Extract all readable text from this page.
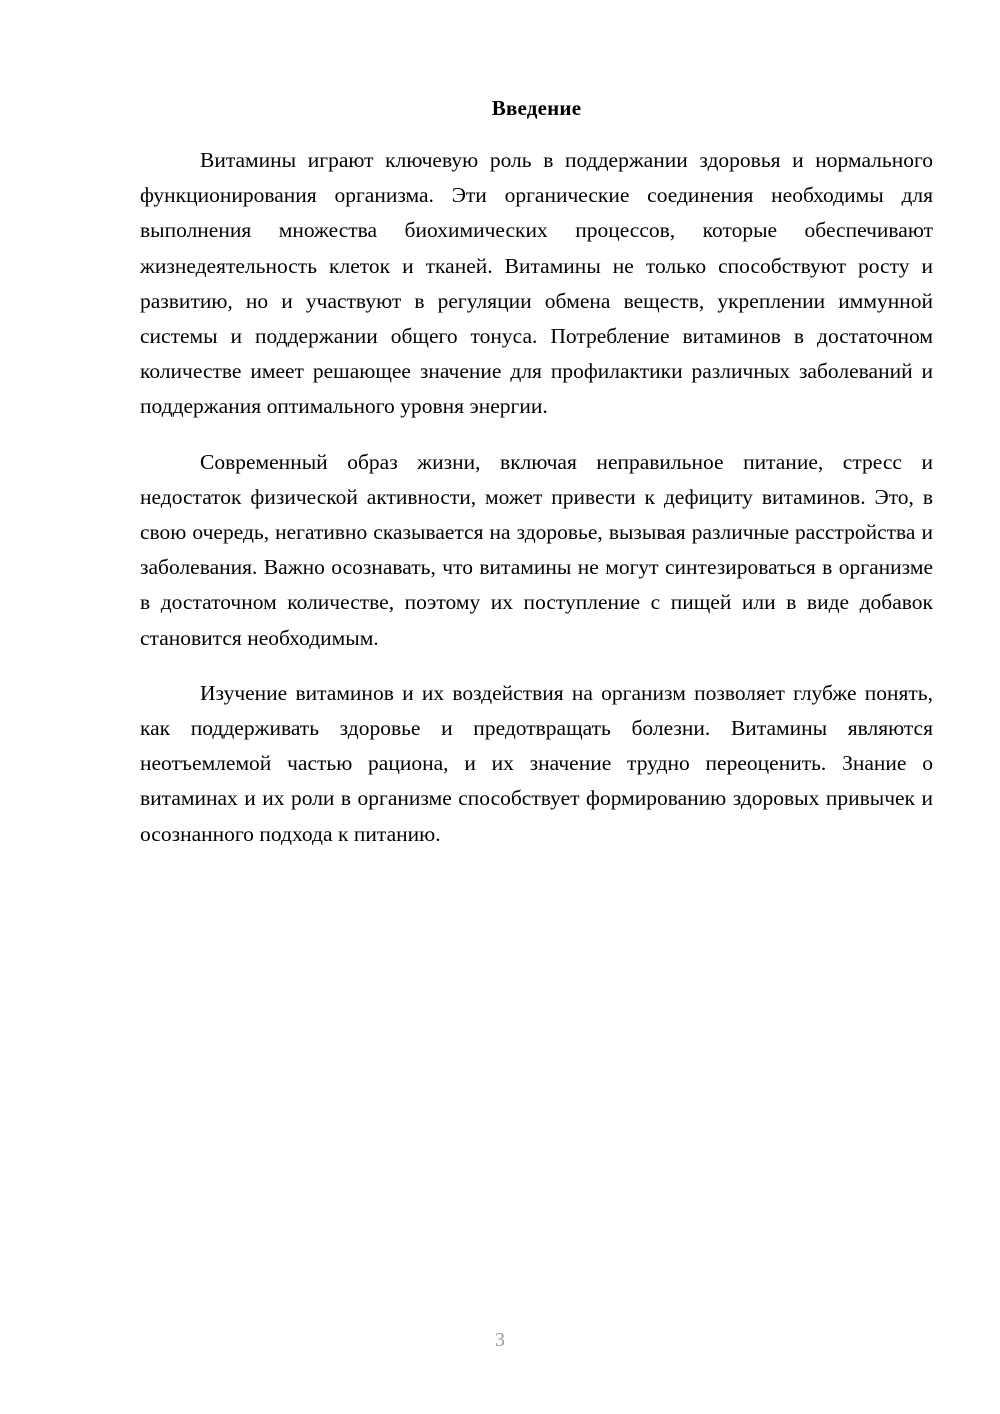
Введение

Витамины играют ключевую роль в поддержании здоровья и нормального функционирования организма. Эти органические соединения необходимы для выполнения множества биохимических процессов, которые обеспечивают жизнедеятельность клеток и тканей. Витамины не только способствуют росту и развитию, но и участвуют в регуляции обмена веществ, укреплении иммунной системы и поддержании общего тонуса. Потребление витаминов в достаточном количестве имеет решающее значение для профилактики различных заболеваний и поддержания оптимального уровня энергии.

Современный образ жизни, включая неправильное питание, стресс и недостаток физической активности, может привести к дефициту витаминов. Это, в свою очередь, негативно сказывается на здоровье, вызывая различные расстройства и заболевания. Важно осознавать, что витамины не могут синтезироваться в организме в достаточном количестве, поэтому их поступление с пищей или в виде добавок становится необходимым.

Изучение витаминов и их воздействия на организм позволяет глубже понять, как поддерживать здоровье и предотвращать болезни. Витамины являются неотъемлемой частью рациона, и их значение трудно переоценить. Знание о витаминах и их роли в организме способствует формированию здоровых привычек и осознанного подхода к питанию.

3
